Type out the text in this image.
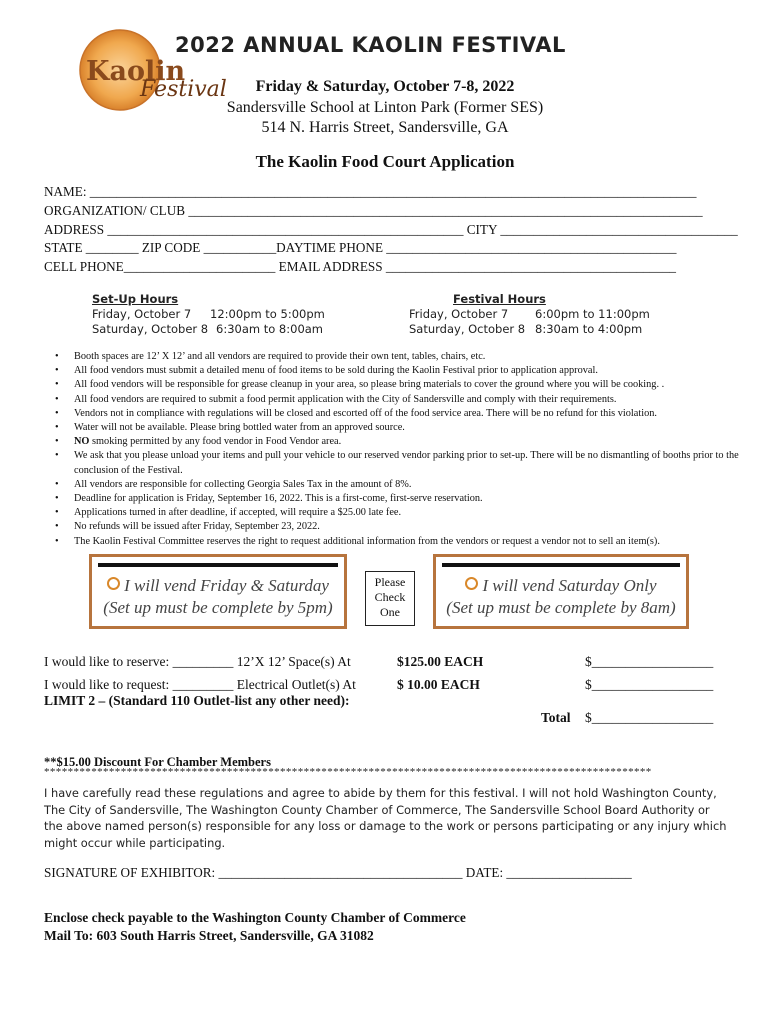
Kaolin
Festival
2022 ANNUAL KAOLIN FESTIVAL
Friday & Saturday, October 7-8, 2022
Sandersville School at Linton Park (Former SES)
514 N. Harris Street, Sandersville, GA
The Kaolin Food Court Application
NAME: ____________________________________________________________________________________________
ORGANIZATION/ CLUB ______________________________________________________________________________
ADDRESS ______________________________________________________ CITY ____________________________________
STATE ________ ZIP CODE ___________DAYTIME PHONE ____________________________________________
CELL PHONE_______________________ EMAIL ADDRESS ____________________________________________
Set-Up Hours
Friday, October 7 12:00pm to 5:00pm
Saturday, October 8 6:30am to 8:00am
Festival Hours
Friday, October 7 6:00pm to 11:00pm
Saturday, October 8 8:30am to 4:00pm
• Booth spaces are 12’ X 12’ and all vendors are required to provide their own tent, tables, chairs, etc.
• All food vendors must submit a detailed menu of food items to be sold during the Kaolin Festival prior to application approval.
• All food vendors will be responsible for grease cleanup in your area, so please bring materials to cover the ground where you will be cooking. .
• All food vendors are required to submit a food permit application with the City of Sandersville and comply with their requirements.
• Vendors not in compliance with regulations will be closed and escorted off of the food service area. There will be no refund for this violation.
• Water will not be available. Please bring bottled water from an approved source.
• NO smoking permitted by any food vendor in Food Vendor area.
• We ask that you please unload your items and pull your vehicle to our reserved vendor parking prior to set-up. There will be no dismantling of booths prior to the conclusion of the Festival.
• All vendors are responsible for collecting Georgia Sales Tax in the amount of 8%.
• Deadline for application is Friday, September 16, 2022. This is a first-come, first-serve reservation.
• Applications turned in after deadline, if accepted, will require a $25.00 late fee.
• No refunds will be issued after Friday, September 23, 2022.
• The Kaolin Festival Committee reserves the right to request additional information from the vendors or request a vendor not to sell an item(s).
I will vend Friday & Saturday
(Set up must be complete by 5pm)
Please
Check
One
I will vend Saturday Only
(Set up must be complete by 8am)
I would like to reserve: _________ 12’X 12’ Space(s) At	$125.00 EACH	$__________________
I would like to request: _________ Electrical Outlet(s) At	$ 10.00 EACH	$__________________
LIMIT 2 – (Standard 110 Outlet-list any other need):
Total $__________________
**$15.00 Discount For Chamber Members
*******************************************************************************************************
I have carefully read these regulations and agree to abide by them for this festival. I will not hold Washington County, The City of Sandersville, The Washington County Chamber of Commerce, The Sandersville School Board Authority or the above named person(s) responsible for any loss or damage to the work or persons participating or any injury which might occur while participating.
SIGNATURE OF EXHIBITOR: _____________________________________ DATE: ___________________
Enclose check payable to the Washington County Chamber of Commerce
Mail To: 603 South Harris Street, Sandersville, GA 31082
